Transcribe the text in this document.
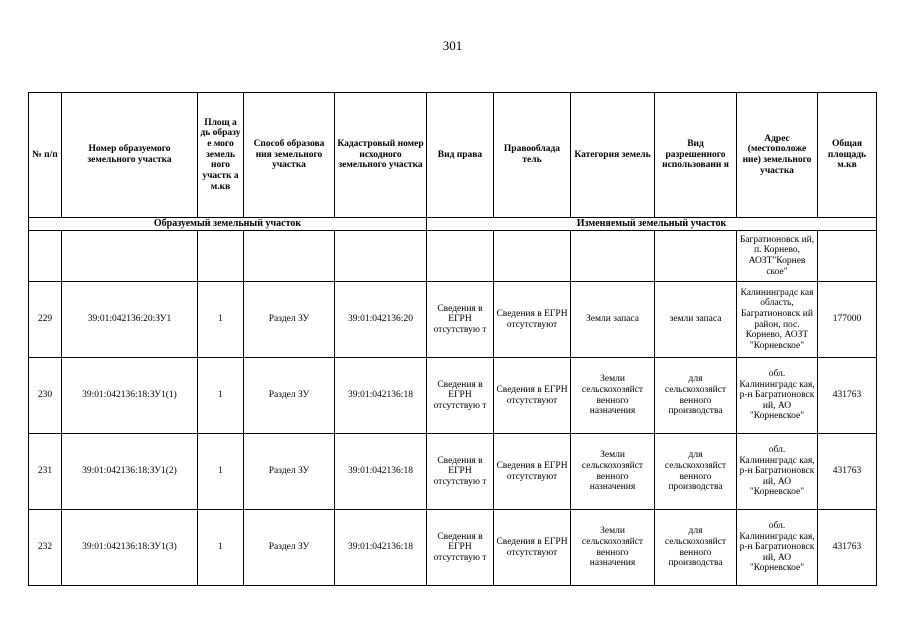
301
№ п/п	Номер образуемого земельного участка	Площ а дь образу е мого земель ного участк а м.кв	Способ образова ния земельного участка	Кадастровый номер исходного земельного участка	Вид права	Правооблада тель	Категория земель	Вид разрешенного использовани я	Адрес (местоположе ние) земельного участка	Общая площадь м.кв
Образуемый земельный участок					Изменяемый земельный участок					
									Багратионовск ий, п. Корнево, АОЗТ"Корнев ское"	
229	39:01:042136:20:ЗУ1	1	Раздел ЗУ	39:01:042136:20	Сведения в ЕГРН отсутствую т	Сведения в ЕГРН отсутствуют	Земли запаса	земли запаса	Калининградс кая область, Багратионовск ий район, пос. Корнево, АОЗТ "Корневское"	177000
230	39:01:042136:18:ЗУ1(1)	1	Раздел ЗУ	39:01:042136:18	Сведения в ЕГРН отсутствую т	Сведения в ЕГРН отсутствуют	Земли сельскохозяйст венного назначения	для сельскохозяйст венного производства	обл. Калининградс кая, р-н Багратионовск ий, АО "Корневское"	431763
231	39:01:042136:18:ЗУ1(2)	1	Раздел ЗУ	39:01:042136:18	Сведения в ЕГРН отсутствую т	Сведения в ЕГРН отсутствуют	Земли сельскохозяйст венного назначения	для сельскохозяйст венного производства	обл. Калининградс кая, р-н Багратионовск ий, АО "Корневское"	431763
232	39:01:042136:18:ЗУ1(3)	1	Раздел ЗУ	39:01:042136:18	Сведения в ЕГРН отсутствую т	Сведения в ЕГРН отсутствуют	Земли сельскохозяйст венного назначения	для сельскохозяйст венного производства	обл. Калининградс кая, р-н Багратионовск ий, АО "Корневское"	431763
